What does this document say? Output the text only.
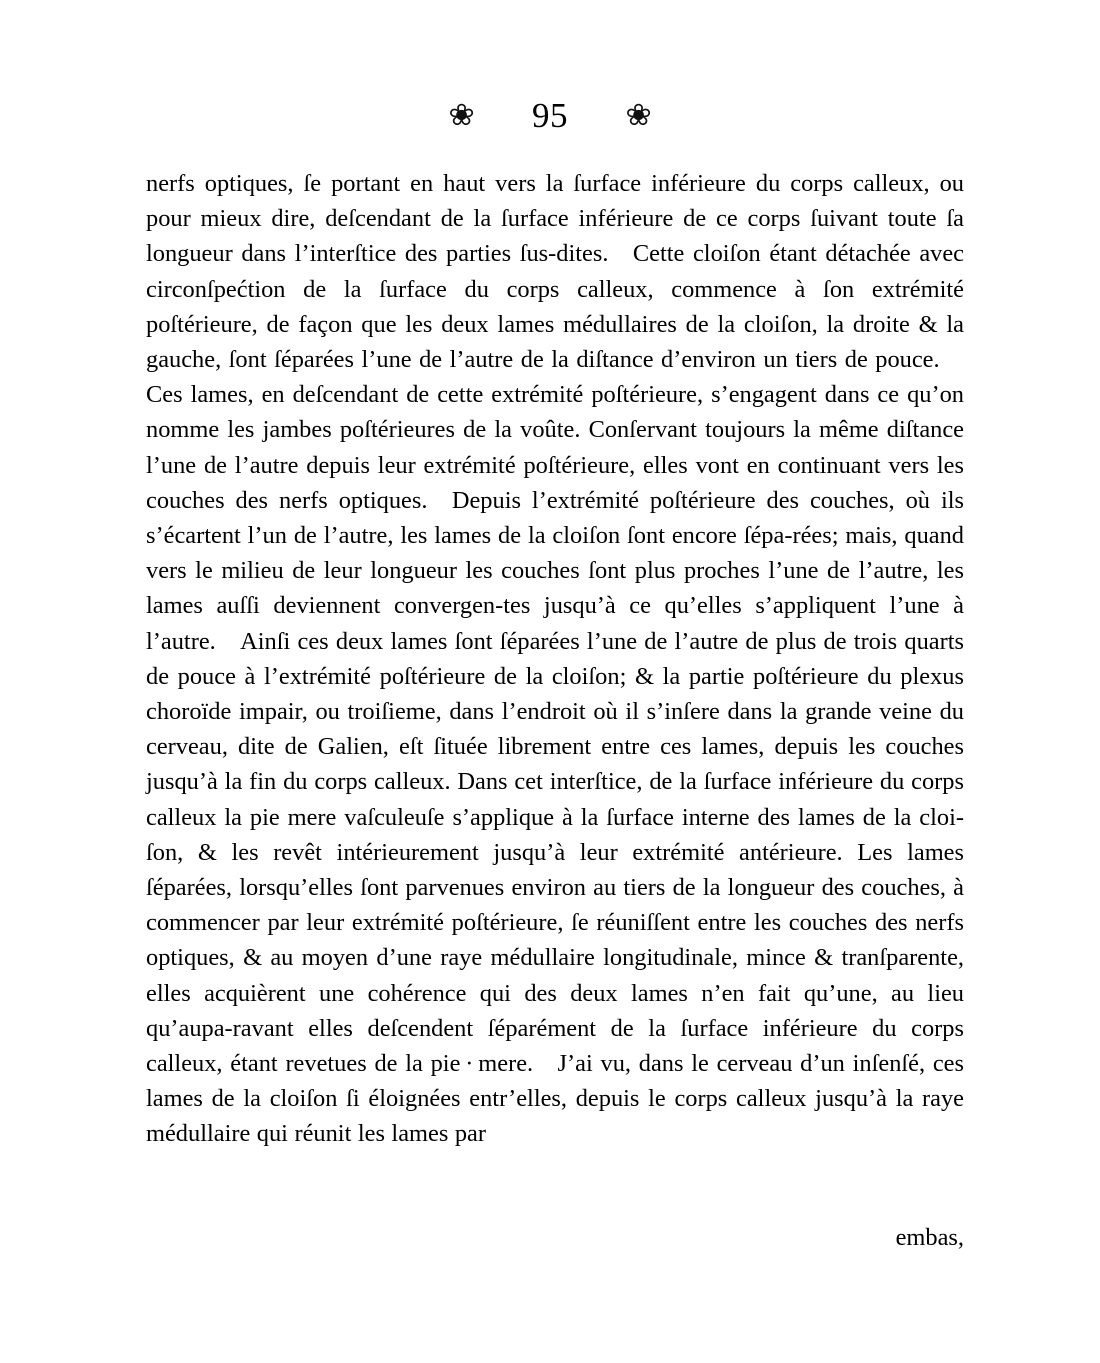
❀ 95 ❀

nerfs optiques, ſe portant en haut vers la ſurface inférieure du corps calleux, ou pour mieux dire, deſcendant de la ſurface inférieure de ce corps ſuivant toute ſa longueur dans l’interſtice des parties ſus-dites. Cette cloiſon étant détachée avec circonſpećtion de la ſurface du corps calleux, commence à ſon extrémité poſtérieure, de façon que les deux lames médullaires de la cloiſon, la droite & la gauche, ſont ſéparées l’une de l’autre de la diſtance d’environ un tiers de pouce. Ces lames, en deſcendant de cette extrémité poſtérieure, s’engagent dans ce qu’on nomme les jambes poſtérieures de la voûte. Conſervant toujours la même diſtance l’une de l’autre depuis leur extrémité poſtérieure, elles vont en continuant vers les couches des nerfs optiques. Depuis l’extrémité poſtérieure des couches, où ils s’écartent l’un de l’autre, les lames de la cloiſon ſont encore ſépa-rées; mais, quand vers le milieu de leur longueur les couches ſont plus proches l’une de l’autre, les lames auſſi deviennent convergen-tes jusqu’à ce qu’elles s’appliquent l’une à l’autre. Ainſi ces deux lames ſont ſéparées l’une de l’autre de plus de trois quarts de pouce à l’extrémité poſtérieure de la cloiſon; & la partie poſtérieure du plexus choroïde impair, ou troiſieme, dans l’endroit où il s’inſere dans la grande veine du cerveau, dite de Galien, eſt ſituée librement entre ces lames, depuis les couches jusqu’à la fin du corps calleux. Dans cet interſtice, de la ſurface inférieure du corps calleux la pie mere vaſculeuſe s’applique à la ſurface interne des lames de la cloi-ſon, & les revêt intérieurement jusqu’à leur extrémité antérieure. Les lames ſéparées, lorsqu’elles ſont parvenues environ au tiers de la longueur des couches, à commencer par leur extrémité poſtérieure, ſe réuniſſent entre les couches des nerfs optiques, & au moyen d’une raye médullaire longitudinale, mince & tranſparente, elles acquièrent une cohérence qui des deux lames n’en fait qu’une, au lieu qu’aupa-ravant elles deſcendent ſéparément de la ſurface inférieure du corps calleux, étant revetues de la pie · mere. J’ai vu, dans le cerveau d’un inſenſé, ces lames de la cloiſon ſi éloignées entr’elles, depuis le corps calleux jusqu’à la raye médullaire qui réunit les lames par

embas,
